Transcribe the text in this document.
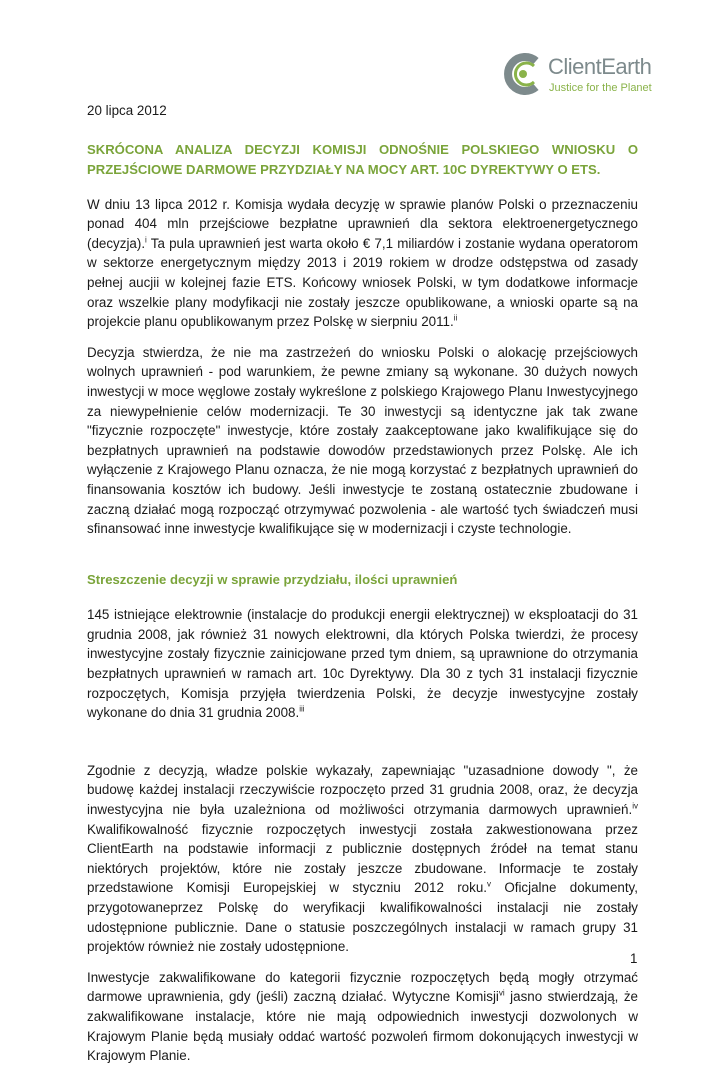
ClientEarth
Justice for the Planet
20 lipca 2012
SKRÓCONA ANALIZA DECYZJI KOMISJI ODNOŚNIE POLSKIEGO WNIOSKU O PRZEJŚCIOWE DARMOWE PRZYDZIAŁY NA MOCY ART. 10C DYREKTYWY O ETS.

W dniu 13 lipca 2012 r. Komisja wydała decyzję w sprawie planów Polski o przeznaczeniu ponad 404 mln przejściowe bezpłatne uprawnień dla sektora elektroenergetycznego (decyzja).$^i$ Ta pula uprawnień jest warta około € 7,1 miliardów i zostanie wydana operatorom w sektorze energetycznym między 2013 i 2019 rokiem w drodze odstępstwa od zasady pełnej aucjii w kolejnej fazie ETS. Końcowy wniosek Polski, w tym dodatkowe informacje oraz wszelkie plany modyfikacji nie zostały jeszcze opublikowane, a wnioski oparte są na projekcie planu opublikowanym przez Polskę w sierpniu 2011.$^{ii}$

Decyzja stwierdza, że nie ma zastrzeżeń do wniosku Polski o alokację przejściowych wolnych uprawnień - pod warunkiem, że pewne zmiany są wykonane. 30 dużych nowych inwestycji w moce węglowe zostały wykreślone z polskiego Krajowego Planu Inwestycyjnego za niewypełnienie celów modernizacji. Te 30 inwestycji są identyczne jak tak zwane "fizycznie rozpoczęte" inwestycje, które zostały zaakceptowane jako kwalifikujące się do bezpłatnych uprawnień na podstawie dowodów przedstawionych przez Polskę. Ale ich wyłączenie z Krajowego Planu oznacza, że nie mogą korzystać z bezpłatnych uprawnień do finansowania kosztów ich budowy. Jeśli inwestycje te zostaną ostatecznie zbudowane i zaczną działać mogą rozpocząć otrzymywać pozwolenia - ale wartość tych świadczeń musi sfinansować inne inwestycje kwalifikujące się w modernizacji i czyste technologie.

Streszczenie decyzji w sprawie przydziału, ilości uprawnień

145 istniejące elektrownie (instalacje do produkcji energii elektrycznej) w eksploatacji do 31 grudnia 2008, jak również 31 nowych elektrowni, dla których Polska twierdzi, że procesy inwestycyjne zostały fizycznie zainicjowane przed tym dniem, są uprawnione do otrzymania bezpłatnych uprawnień w ramach art. 10c Dyrektywy. Dla 30 z tych 31 instalacji fizycznie rozpoczętych, Komisja przyjęła twierdzenia Polski, że decyzje inwestycyjne zostały wykonane do dnia 31 grudnia 2008.$^{iii}$

Zgodnie z decyzją, władze polskie wykazały, zapewniając "uzasadnione dowody ", że budowę każdej instalacji rzeczywiście rozpoczęto przed 31 grudnia 2008, oraz, że decyzja inwestycyjna nie była uzależniona od możliwości otrzymania darmowych uprawnień.$^{iv}$ Kwalifikowalność fizycznie rozpoczętych inwestycji została zakwestionowana przez ClientEarth na podstawie informacji z publicznie dostępnych źródeł na temat stanu niektórych projektów, które nie zostały jeszcze zbudowane. Informacje te zostały przedstawione Komisji Europejskiej w styczniu 2012 roku.$^v$ Oficjalne dokumenty, przygotowaneprzez Polskę do weryfikacji kwalifikowalności instalacji nie zostały udostępnione publicznie. Dane o statusie poszczególnych instalacji w ramach grupy 31 projektów również nie zostały udostępnione.

Inwestycje zakwalifikowane do kategorii fizycznie rozpoczętych będą mogły otrzymać darmowe uprawnienia, gdy (jeśli) zaczną działać. Wytyczne Komisji$^{vi}$ jasno stwierdzają, że zakwalifikowane instalacje, które nie mają odpowiednich inwestycji dozwolonych w Krajowym Planie będą musiały oddać wartość pozwoleń firmom dokonujących inwestycji w Krajowym Planie.

1
